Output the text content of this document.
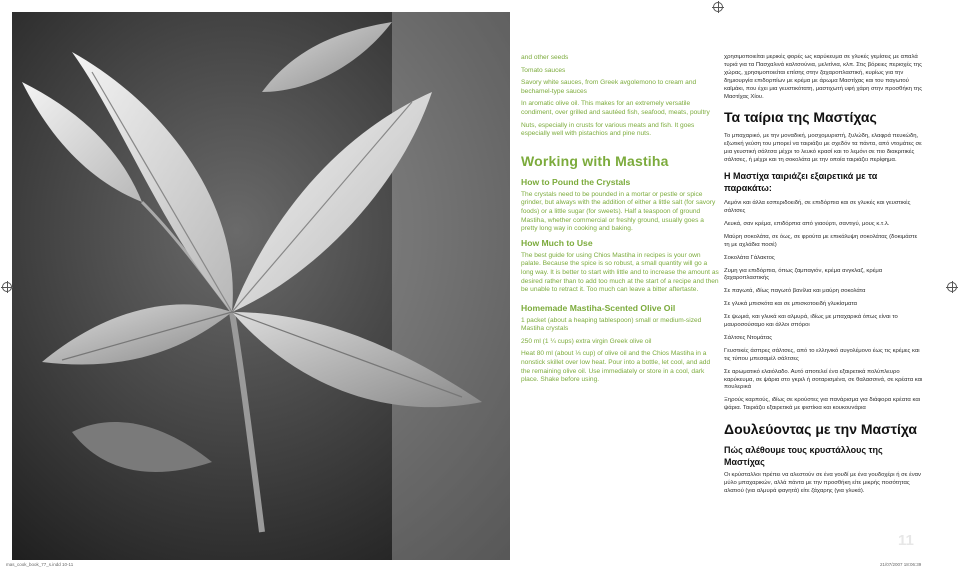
and other seeds

Tomato sauces

Savory white sauces, from Greek avgolemono to cream and bechamel-type sauces

In aromatic olive oil. This makes for an extremely versatile condiment, over grilled and sautéed fish, seafood, meats, poultry

Nuts, especially in crusts for various meats and fish. It goes especially well with pistachios and pine nuts.

Working with Mastiha
How to Pound the Crystals

The crystals need to be pounded in a mortar or pestle or spice grinder, but always with the addition of either a little salt (for savory foods) or a little sugar (for sweets). Half a teaspoon of ground Mastiha, whether commercial or freshly ground, usually goes a pretty long way in cooking and baking.

How Much to Use

The best guide for using Chios Mastiha in recipes is your own palate. Because the spice is so robust, a small quantity will go a long way. It is better to start with little and to increase the amount as desired rather than to add too much at the start of a recipe and then be unable to retract it. Too much can leave a bitter aftertaste.

Homemade Mastiha-Scented Olive Oil

1 packet (about a heaping tablespoon) small or medium-sized Mastiha crystals

250 ml (1 ¼ cups) extra virgin Greek olive oil

Heat 80 ml (about ⅓ cup) of olive oil and the Chios Mastiha in a nonstick skillet over low heat. Pour into a bottle, let cool, and add the remaining olive oil. Use immediately or store in a cool, dark place. Shake before using.

χρησιμοποιείται μερικές φορές ως καρύκευμα σε γλυκές γεμίσεις με απαλά τυριά για τα Πασχαλινά καλτσούνια, μελιτίνια, κλπ. Στις βόρειες περιοχές της χώρας, χρησιμοποιείται επίσης στην ζαχαροπλαστική, κυρίως για την δημιουργία επιδορπίων με κρέμα με άρωμα Μαστίχας και του παγωτού καϊμάκι, που έχει μια γευστικότατη, μαστιχωτή υφή χάρη στην προσθήκη της Μαστίχας Χίου.

Τα ταίρια της Μαστίχας

Το μπαχαρικό, με την μοναδική, μοσχομυριστή, ξυλώδη, ελαφρά πευκώδη, εξωτική γεύση του μπορεί να ταιριάξει με σχεδόν τα πάντα, από ντομάτες σε μια γευστική σάλτσα μέχρι το λευκό κρασί και το λεμόνι σε πιο διακριτικές σάλτσες, ή μέχρι και τη σοκολάτα με την οποία ταιριάζει περίφημα.

Η Μαστίχα ταιριάζει εξαιρετικά με τα παρακάτω:

Λεμόνι και άλλα εσπεριδοειδή, σε επιδόρπια και σε γλυκές και γευστικές σάλτσες

Λευκά, σαν κρέμα, επιδόρπια από γιαούρτι, σαντιγύ, μους κ.τ.λ.

Μαύρη σοκολάτα, σε όως, σε φρούτα με επικάλυψη σοκολάτας (δοκιμάστε τη με αχλάδια ποσέ)

Σοκολάτα Γάλακτος

Ζυμη για επιδόρπια, όπως ζαμπαγιόν, κρέμα ανγκλαζ, κρέμα ζαχαροπλαστικής

Σε παγωτά, ιδίως παγωτό βανίλια και μαύρη σοκολάτα

Σε γλυκά μπισκότα και σε μπισκοτοειδή γλυκίσματα

Σε ψωμιά, και γλυκά και αλμυρά, ιδίως με μπαχαρικά όπως είναι το μαυροσούσαμο και άλλοι σπόροι

Σάλτσες Ντομάτας

Γευστικές άσπρες σάλτσες, από το ελληνικό αυγολέμονο έως τις κρέμες και τις τύπου μπεσαμέλ σάλτσες

Σε αρωματικό ελαιόλαδο. Αυτό αποτελεί ένα εξαιρετικά πολύπλευρο καρύκευμα, σε ψάρια στο γκριλ ή σοταρισμένα, σε θαλασσινά, σε κρέατα και πουλερικά

Ξηρούς καρπούς, ιδίως σε κρούστες για πανάρισμα για διάφορα κρέατα και ψάρια. Ταιριάζει εξαιρετικά με φιστίκια και κουκουνάρια

Δουλεύοντας με την Μαστίχα
Πώς αλέθουμε τους κρυστάλλους της Μαστίχας

Οι κρύσταλλοι πρέπει να αλεστούν σε ένα γουδί με ένα γουδοχέρι ή σε έναν μύλο μπαχαρικών, αλλά πάντα με την προσθήκη είτε μικρής ποσότητας αλατιού (για αλμυρά φαγητά) είτε ζάχαρης (για γλυκά).

11
mas_cook_book_77_s.indd 10-11	21/07/2007 18:06:39
